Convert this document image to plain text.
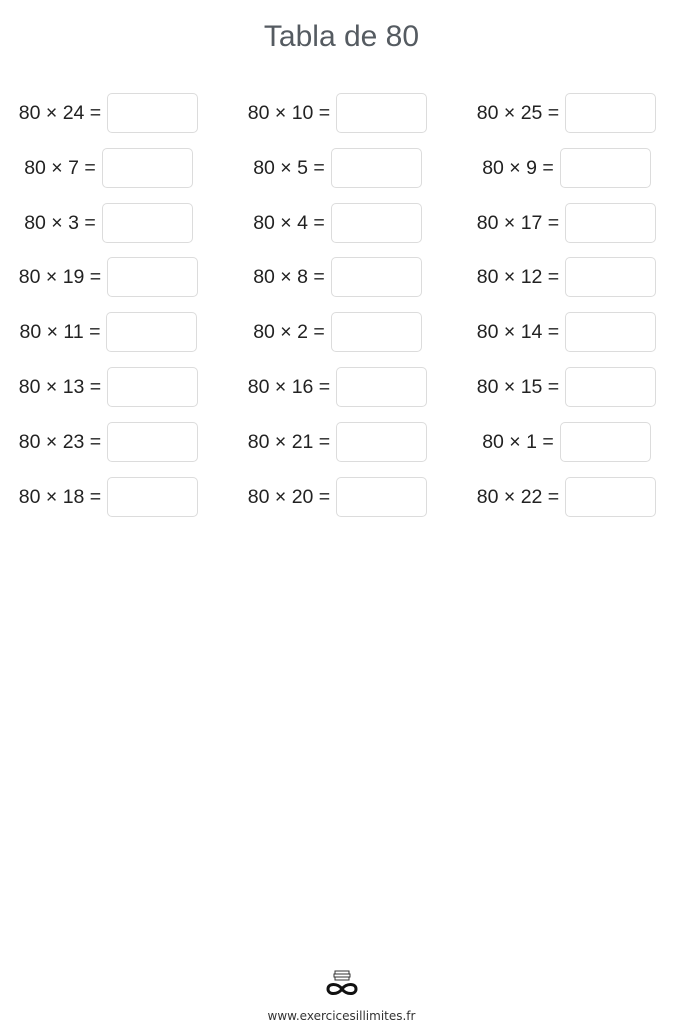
Tabla de 80
80 × 24 =	80 × 10 =	80 × 25 =
80 × 7 =	80 × 5 =	80 × 9 =
80 × 3 =	80 × 4 =	80 × 17 =
80 × 19 =	80 × 8 =	80 × 12 =
80 × 11 =	80 × 2 =	80 × 14 =
80 × 13 =	80 × 16 =	80 × 15 =
80 × 23 =	80 × 21 =	80 × 1 =
80 × 18 =	80 × 20 =	80 × 22 =
www.exercicesillimites.fr
